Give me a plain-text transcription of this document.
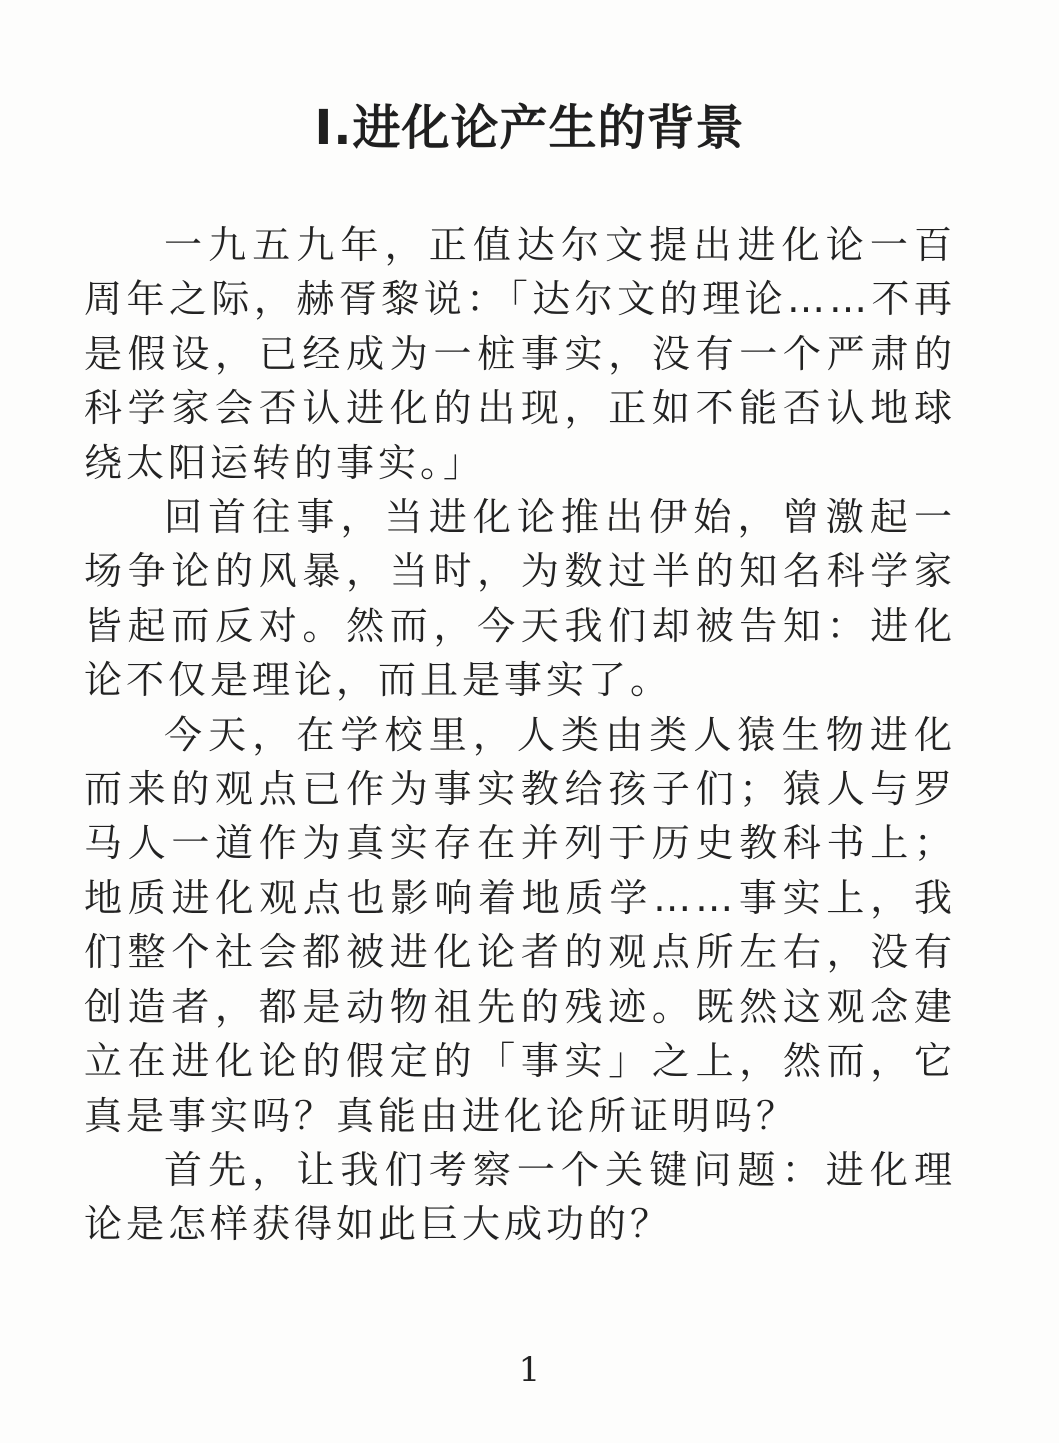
Ⅰ.进化论产生的背景

一九五九年，正值达尔文提出进化论一百周年之际，赫胥黎说：「达尔文的理论……不再是假设，已经成为一桩事实，没有一个严肃的科学家会否认进化的出现，正如不能否认地球绕太阳运转的事实。」

回首往事，当进化论推出伊始，曾激起一场争论的风暴，当时，为数过半的知名科学家皆起而反对。然而，今天我们却被告知：进化论不仅是理论，而且是事实了。

今天，在学校里，人类由类人猿生物进化而来的观点已作为事实教给孩子们；猿人与罗马人一道作为真实存在并列于历史教科书上；地质进化观点也影响着地质学……事实上，我们整个社会都被进化论者的观点所左右，没有创造者，都是动物祖先的残迹。既然这观念建立在进化论的假定的「事实」之上，然而，它真是事实吗？真能由进化论所证明吗？

首先，让我们考察一个关键问题：进化理论是怎样获得如此巨大成功的？

1
